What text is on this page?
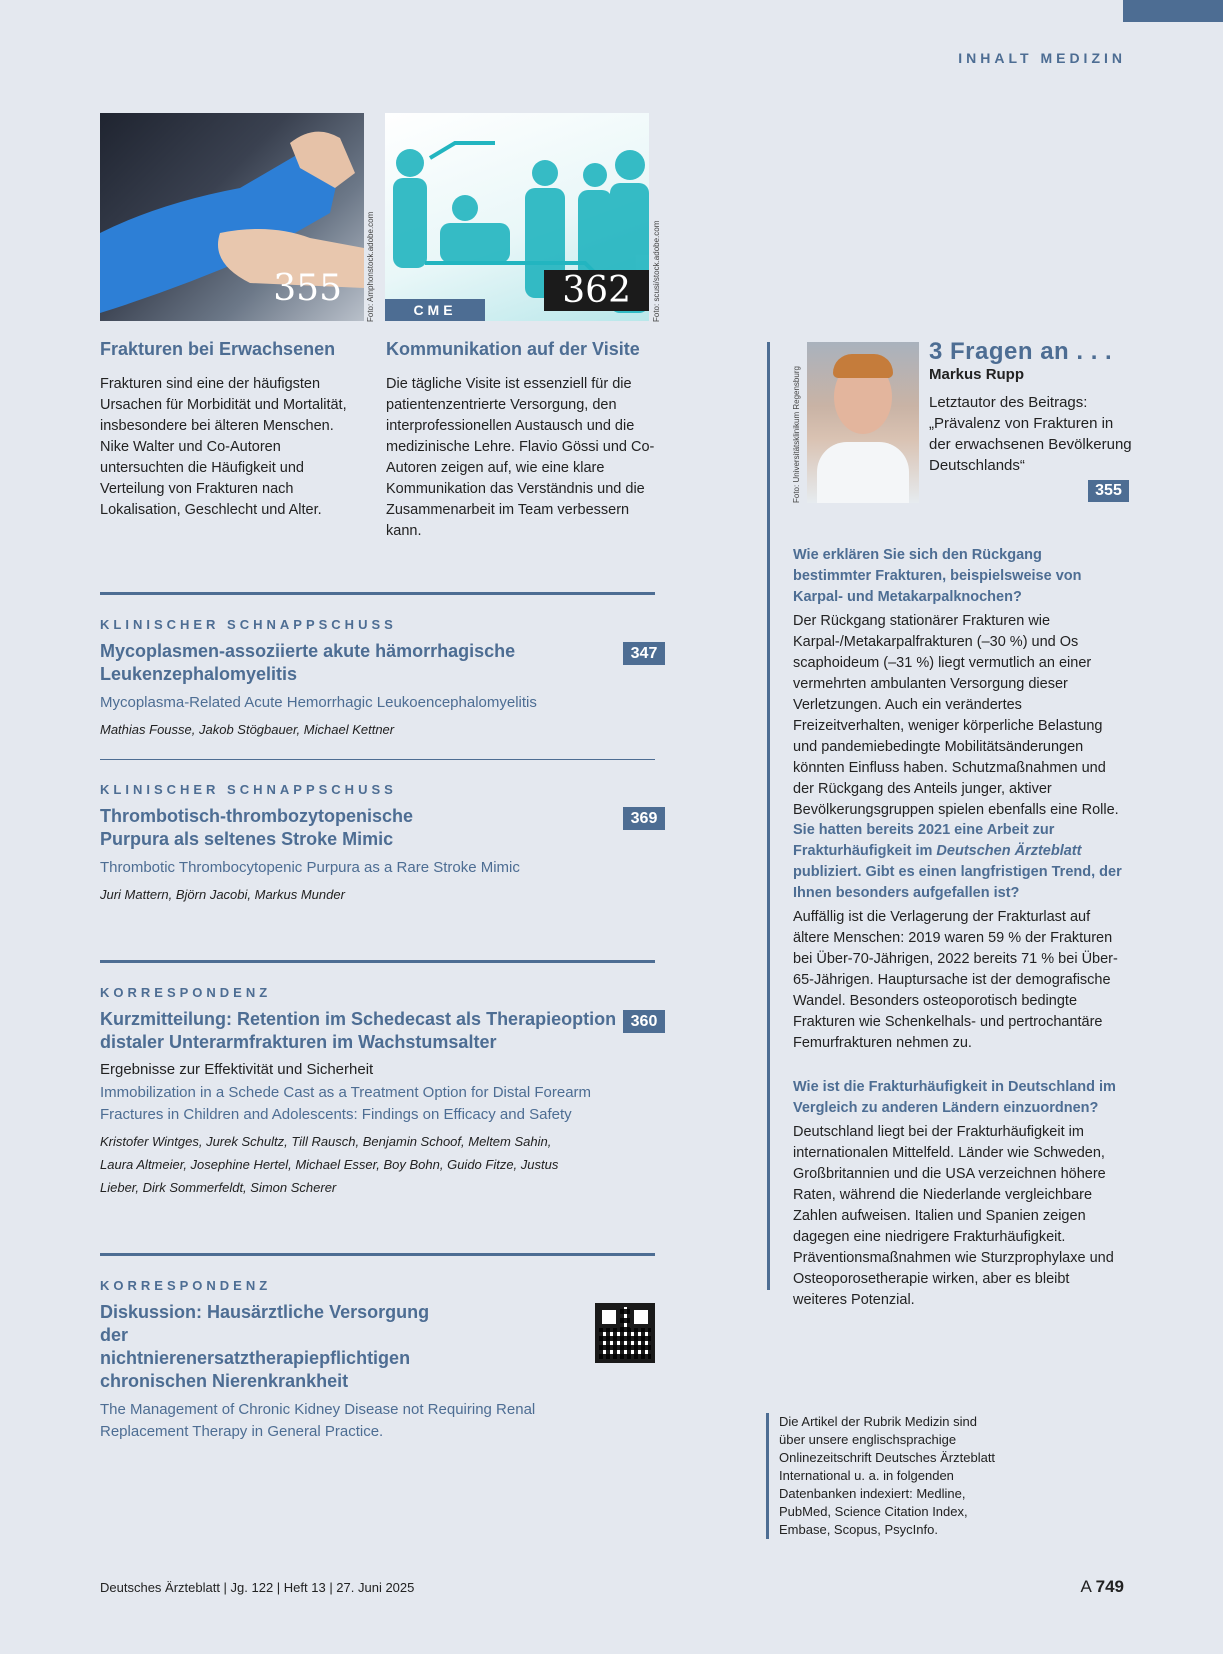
INHALT MEDIZIN
355	Foto: Amphonstock.adobe.com	CME	362	Foto: scusi/stock.adobe.com
Frakturen bei Erwachsenen
Frakturen sind eine der häufigsten Ursachen für Morbidität und Mortalität, insbesondere bei älteren Menschen. Nike Walter und Co-Autoren untersuchten die Häufigkeit und Verteilung von Frakturen nach Lokalisation, Geschlecht und Alter.
Kommunikation auf der Visite
Die tägliche Visite ist essenziell für die patientenzentrierte Versorgung, den interprofessionellen Austausch und die medizinische Lehre. Flavio Gössi und Co-Autoren zeigen auf, wie eine klare Kommunikation das Verständnis und die Zusammenarbeit im Team verbessern kann.
KLINISCHER SCHNAPPSCHUSS
Mycoplasmen-assoziierte akute hämorrhagische Leukenzephalomyelitis
347
Mycoplasma-Related Acute Hemorrhagic Leukoencephalomyelitis
Mathias Fousse, Jakob Stögbauer, Michael Kettner
KLINISCHER SCHNAPPSCHUSS
Thrombotisch-thrombozytopenische Purpura als seltenes Stroke Mimic
369
Thrombotic Thrombocytopenic Purpura as a Rare Stroke Mimic
Juri Mattern, Björn Jacobi, Markus Munder
KORRESPONDENZ
Kurzmitteilung: Retention im Schedecast als Therapieoption distaler Unterarmfrakturen im Wachstumsalter
360
Ergebnisse zur Effektivität und Sicherheit
Immobilization in a Schede Cast as a Treatment Option for Distal Forearm Fractures in Children and Adolescents: Findings on Efficacy and Safety
Kristofer Wintges, Jurek Schultz, Till Rausch, Benjamin Schoof, Meltem Sahin, Laura Altmeier, Josephine Hertel, Michael Esser, Boy Bohn, Guido Fitze, Justus Lieber, Dirk Sommerfeldt, Simon Scherer
KORRESPONDENZ
Diskussion: Hausärztliche Versorgung der nichtnierenersatztherapiepflichtigen chronischen Nierenkrankheit
The Management of Chronic Kidney Disease not Requiring Renal Replacement Therapy in General Practice.
Foto: Universitätsklinikum Regensburg
3 Fragen an . . .
Markus Rupp
Letztautor des Beitrags: „Prävalenz von Frakturen in der erwachsenen Bevölkerung Deutschlands“
355
Wie erklären Sie sich den Rückgang bestimmter Frakturen, beispielsweise von Karpal- und Metakarpalknochen?
Der Rückgang stationärer Frakturen wie Karpal-/Metakarpalfrakturen (–30 %) und Os scaphoideum (–31 %) liegt vermutlich an einer vermehrten ambulanten Versorgung dieser Verletzungen. Auch ein verändertes Freizeitverhalten, weniger körperliche Belastung und pandemiebedingte Mobilitätsänderungen könnten Einfluss haben. Schutzmaßnahmen und der Rückgang des Anteils junger, aktiver Bevölkerungsgruppen spielen ebenfalls eine Rolle.
Sie hatten bereits 2021 eine Arbeit zur Frakturhäufigkeit im Deutschen Ärzteblatt publiziert. Gibt es einen langfristigen Trend, der Ihnen besonders aufgefallen ist?
Auffällig ist die Verlagerung der Frakturlast auf ältere Menschen: 2019 waren 59 % der Frakturen bei Über-70-Jährigen, 2022 bereits 71 % bei Über-65-Jährigen. Hauptursache ist der demografische Wandel. Besonders osteoporotisch bedingte Frakturen wie Schenkelhals- und pertrochantäre Femurfrakturen nehmen zu.
Wie ist die Frakturhäufigkeit in Deutschland im Vergleich zu anderen Ländern einzuordnen?
Deutschland liegt bei der Frakturhäufigkeit im internationalen Mittelfeld. Länder wie Schweden, Großbritannien und die USA verzeichnen höhere Raten, während die Niederlande vergleichbare Zahlen aufweisen. Italien und Spanien zeigen dagegen eine niedrigere Frakturhäufigkeit. Präventionsmaßnahmen wie Sturzprophylaxe und Osteoporosetherapie wirken, aber es bleibt weiteres Potenzial.
Die Artikel der Rubrik Medizin sind über unsere englischsprachige Onlinezeitschrift Deutsches Ärzteblatt International u. a. in folgenden Datenbanken indexiert: Medline, PubMed, Science Citation Index, Embase, Scopus, PsycInfo.
Deutsches Ärzteblatt | Jg. 122 | Heft 13 | 27. Juni 2025	A 749
